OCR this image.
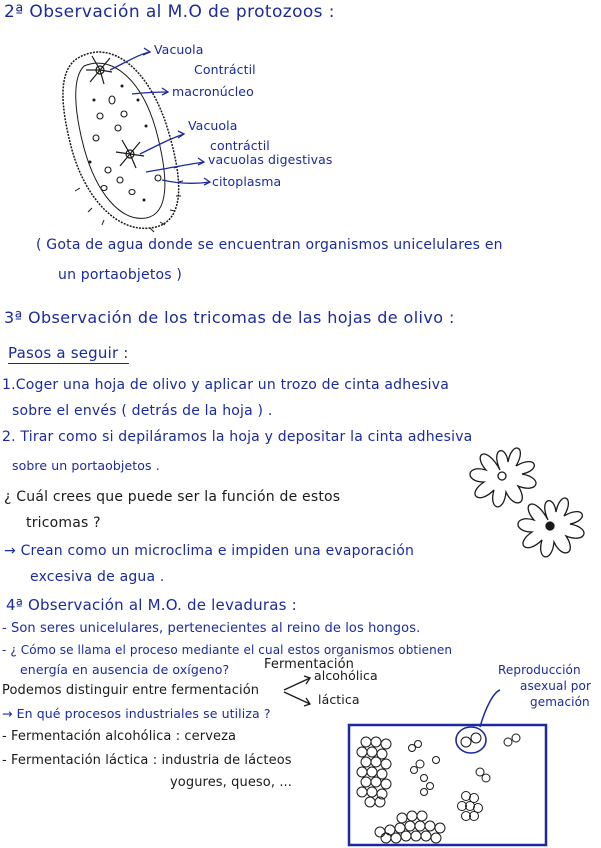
2ª Observación al M.O de protozoos :
Vacuola
Contráctil
macronúcleo
Vacuola
contráctil
vacuolas digestivas
citoplasma
( Gota de agua donde se encuentran organismos unicelulares en
un portaobjetos )
3ª Observación de los tricomas de las hojas de olivo :
Pasos a seguir :
1.Coger una hoja de olivo y aplicar un trozo de cinta adhesiva
sobre el envés ( detrás de la hoja ) .
2. Tirar como si depiláramos la hoja y depositar la cinta adhesiva
sobre un portaobjetos .
¿ Cuál crees que puede ser la función de estos
tricomas ?
→ Crean como un microclima e impiden una evaporación
excesiva de agua .
4ª Observación al M.O. de levaduras :
- Son seres unicelulares, pertenecientes al reino de los hongos.
- ¿ Cómo se llama el proceso mediante el cual estos organismos obtienen
energía en ausencia de oxígeno?	Fermentación
Podemos distinguir entre fermentación
alcohólica
láctica
→ En qué procesos industriales se utiliza ?
- Fermentación alcohólica : cerveza
- Fermentación láctica : industria de lácteos
yogures, queso, ...
Reproducción
asexual por
gemación
